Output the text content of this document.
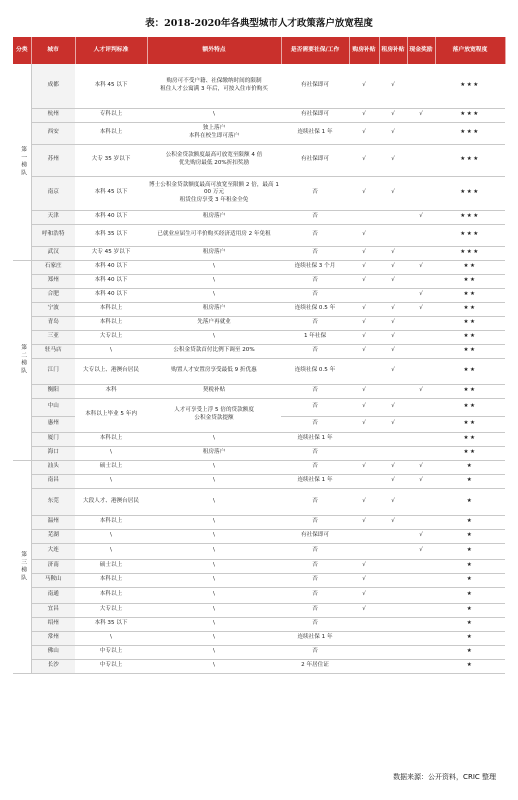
表：2018-2020年各典型城市人才政策落户放宽程度
分类	城市	人才评判标准	额外特点	是否需要社保/工作	购房补贴	租房补贴	现金奖励	落户放宽程度
第一梯队	成都	本科 45 以下	购房可不受户籍、社保缴纳时间的限制
租住人才公寓满 3 年后，可按入住市价购买	有社保即可	√	√		★★★
	杭州	专科以上	\	有社保即可	√	√	√	★★★
	西安	本科以上	独上落户
本科在校生即可落户	连续社保 1 年	√	√		★★★
	苏州	大专 35 岁以下	公积金贷款额度最高可放宽至限额 4 倍
优先购房最低 20%折扣奖励	有社保即可	√	√		★★★
	南京	本科 45 以下	博士公积金贷款额度最高可放宽至限额 2 倍，最高 100 万元
租赁住房享受 3 年租金全免	否	√	√		★★★
	天津	本科 40 以下	租房落户	否			√	★★★
	呼和浩特	本科 35 以下	已就业应届生可半价购买经济适用房 2 年免租	否	√			★★★
	武汉	大专 45 岁以下	租房落户	否	√	√		★★★
第二梯队	石家庄	本科 40 以下	\	连续社保 3 个月	√	√	√	★★
	郑州	本科 40 以下	\	否	√	√		★★
	合肥	本科 40 以下	\	否			√	★★
	宁波	本科以上	租房落户	连续社保 0.5 年	√	√	√	★★
	青岛	本科以上	先落户再就业	否	√	√		★★
	三亚	大专以上	\	1 年社保	√	√		★★
	驻马店	\	公积金贷款首付比例下调至 20%	否	√	√		★★
	江门	大专以上、港澳台居民	购置人才安置房享受最低 9 折优惠	连续社保 0.5 年		√		★★
	衡阳	本科	契税补贴	否	√		√	★★
	中山	本科以上毕业 5 年内	人才可享受上浮 5 倍的贷款额度
公积金贷款提额	否	√	√		★★
	惠州			否	√	√		★★
	厦门	本科以上	\	连续社保 1 年				★★
	海口	\	租房落户	否				★★
第三梯队	汕头	硕士以上	\	否	√	√	√	★
	南昌	\	\	连续社保 1 年		√	√	★
	东莞	大段人才、港澳台居民	\	否	√	√		★
	温州	本科以上	\	否	√	√		★
	芜湖	\	\	有社保即可			√	★
	大连	\	\	否			√	★
	济南	硕士以上	\	否	√			★
	马鞍山	本科以上	\	否	√			★
	南通	本科以上	\	否	√			★
	宜昌	大专以上	\	否	√			★
	绍州	本科 35 以下	\	否				★
	常州	\	\	连续社保 1 年				★
	佛山	中专以上	\	否				★
	长沙	中专以上	\	2 年居住证				★
数据来源：公开资料，CRIC 整理
